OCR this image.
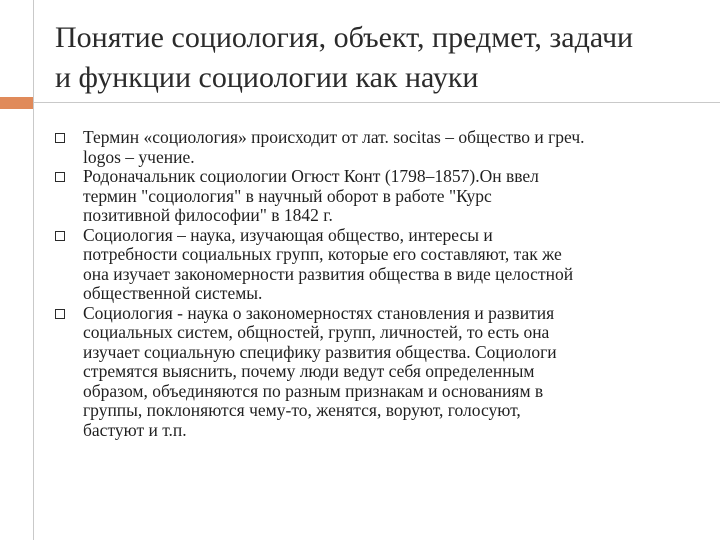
Понятие социология, объект, предмет, задачи
и функции социологии как науки
Термин «социология» происходит от лат. socitas – общество и греч.
logos – учение.
Родоначальник социологии Огюст Конт (1798–1857).Он ввел
термин "социология" в научный оборот в работе "Курс
позитивной философии" в 1842 г.
Социология – наука, изучающая общество, интересы и
потребности социальных групп, которые его составляют, так же
она изучает закономерности развития общества в виде целостной
общественной системы.
Социология - наука о закономерностях становления и развития
социальных систем, общностей, групп, личностей, то есть она
изучает социальную специфику развития общества. Социологи
стремятся выяснить, почему люди ведут себя определенным
образом, объединяются по разным признакам и основаниям в
группы, поклоняются чему-то, женятся, воруют, голосуют,
бастуют и т.п.
